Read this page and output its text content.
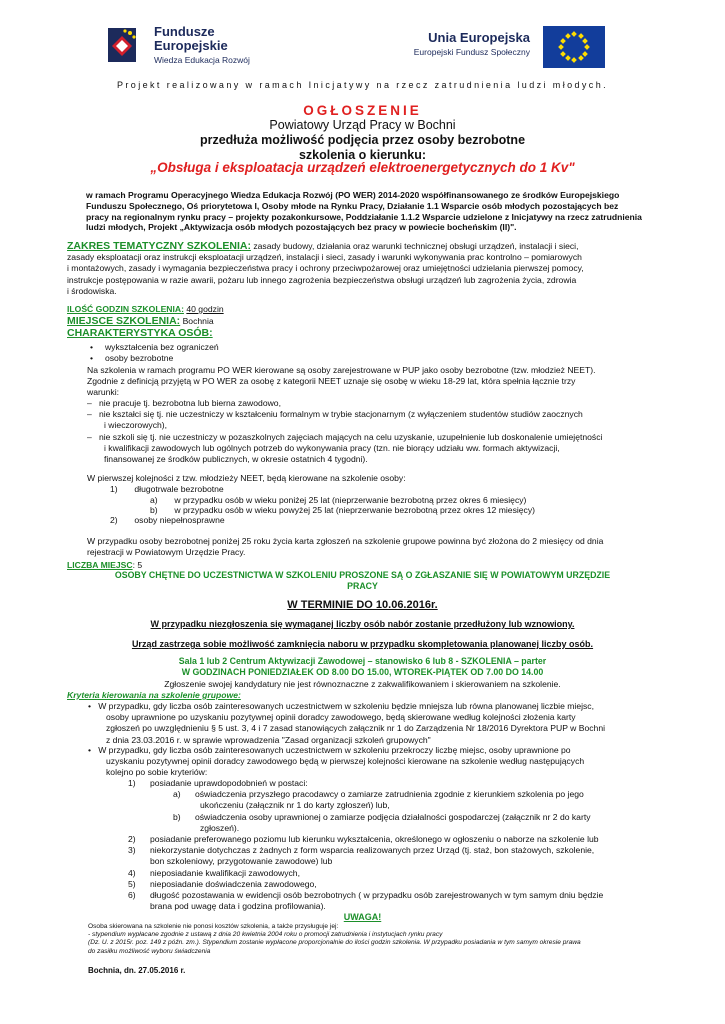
Fundusze
Europejskie
Wiedza Edukacja Rozwój
Unia Europejska
Europejski Fundusz Społeczny
Projekt realizowany w ramach Inicjatywy na rzecz zatrudnienia ludzi młodych.
OGŁOSZENIE
Powiatowy Urząd Pracy w Bochni
przedłuża możliwość podjęcia przez osoby bezrobotne
szkolenia o kierunku:
„Obsługa i eksploatacja urządzeń elektroenergetycznych do 1 Kv"
w ramach Programu Operacyjnego Wiedza Edukacja Rozwój (PO WER) 2014-2020 współfinansowanego ze środków Europejskiego
Funduszu Społecznego, Oś priorytetowa I, Osoby młode na Rynku Pracy, Działanie 1.1 Wsparcie osób młodych pozostających bez
pracy na regionalnym rynku pracy – projekty pozakonkursowe, Poddziałanie 1.1.2 Wsparcie udzielone z Inicjatywy na rzecz zatrudnienia
ludzi młodych, Projekt „Aktywizacja osób młodych pozostających bez pracy w powiecie bocheńskim (II)".
ZAKRES TEMATYCZNY SZKOLENIA: zasady budowy, działania oraz warunki technicznej obsługi urządzeń, instalacji i sieci,
zasady eksploatacji oraz instrukcji eksploatacji urządzeń, instalacji i sieci, zasady i warunki wykonywania prac kontrolno – pomiarowych
i montażowych, zasady i wymagania bezpieczeństwa pracy i ochrony przeciwpożarowej oraz umiejętności udzielania pierwszej pomocy,
instrukcje postępowania w razie awarii, pożaru lub innego zagrożenia bezpieczeństwa obsługi urządzeń lub zagrożenia życia, zdrowia
i środowiska.
ILOŚĆ GODZIN SZKOLENIA: 40 godzin
MIEJSCE SZKOLENIA: Bochnia
CHARAKTERYSTYKA OSÓB:
• wykształcenia bez ograniczeń
• osoby bezrobotne
Na szkolenia w ramach programu PO WER kierowane są osoby zarejestrowane w PUP jako osoby bezrobotne (tzw. młodzież NEET).
Zgodnie z definicją przyjętą w PO WER za osobę z kategorii NEET uznaje się osobę w wieku 18-29 lat, która spełnia łącznie trzy
warunki:
– nie pracuje tj. bezrobotna lub bierna zawodowo,
– nie kształci się tj. nie uczestniczy w kształceniu formalnym w trybie stacjonarnym (z wyłączeniem studentów studiów zaocznych
i wieczorowych),
– nie szkoli się tj. nie uczestniczy w pozaszkolnych zajęciach mających na celu uzyskanie, uzupełnienie lub doskonalenie umiejętności
i kwalifikacji zawodowych lub ogólnych potrzeb do wykonywania pracy (tzn. nie biorący udziału ww. formach aktywizacji,
finansowanej ze środków publicznych, w okresie ostatnich 4 tygodni).
W pierwszej kolejności z tzw. młodzieży NEET, będą kierowane na szkolenie osoby:
1) długotrwale bezrobotne
a) w przypadku osób w wieku poniżej 25 lat (nieprzerwanie bezrobotną przez okres 6 miesięcy)
b) w przypadku osób w wieku powyżej 25 lat (nieprzerwanie bezrobotną przez okres 12 miesięcy)
2) osoby niepełnosprawne
W przypadku osoby bezrobotnej poniżej 25 roku życia karta zgłoszeń na szkolenie grupowe powinna być złożona do 2 miesięcy od dnia
rejestracji w Powiatowym Urzędzie Pracy.
LICZBA MIEJSC: 5
OSOBY CHĘTNE DO UCZESTNICTWA W SZKOLENIU PROSZONE SĄ O ZGŁASZANIE SIĘ W POWIATOWYM URZĘDZIE
PRACY
W TERMINIE DO 10.06.2016r.
W przypadku niezgłoszenia się wymaganej liczby osób nabór zostanie przedłużony lub wznowiony.
Urząd zastrzega sobie możliwość zamknięcia naboru w przypadku skompletowania planowanej liczby osób.
Sala 1 lub 2 Centrum Aktywizacji Zawodowej – stanowisko 6 lub 8 - SZKOLENIA – parter
W GODZINACH PONIEDZIAŁEK OD 8.00 DO 15.00, WTOREK-PIĄTEK OD 7.00 DO 14.00
Zgłoszenie swojej kandydatury nie jest równoznaczne z zakwalifikowaniem i skierowaniem na szkolenie.
Kryteria kierowania na szkolenie grupowe:
• W przypadku, gdy liczba osób zainteresowanych uczestnictwem w szkoleniu będzie mniejsza lub równa planowanej liczbie miejsc,
osoby uprawnione po uzyskaniu pozytywnej opinii doradcy zawodowego, będą skierowane według kolejności złożenia karty
zgłoszeń po uwzględnieniu § 5 ust. 3, 4 i 7 zasad stanowiących załącznik nr 1 do Zarządzenia Nr 18/2016 Dyrektora PUP w Bochni
z dnia 23.03.2016 r. w sprawie wprowadzenia "Zasad organizacji szkoleń grupowych"
• W przypadku, gdy liczba osób zainteresowanych uczestnictwem w szkoleniu przekroczy liczbę miejsc, osoby uprawnione po
uzyskaniu pozytywnej opinii doradcy zawodowego będą w pierwszej kolejności kierowane na szkolenie według następujących
kolejno po sobie kryteriów:
1) posiadanie uprawdopodobnień w postaci:
a) oświadczenia przyszłego pracodawcy o zamiarze zatrudnienia zgodnie z kierunkiem szkolenia po jego
ukończeniu (załącznik nr 1 do karty zgłoszeń) lub,
b) oświadczenia osoby uprawnionej o zamiarze podjęcia działalności gospodarczej (załącznik nr 2 do karty
zgłoszeń).
2) posiadanie preferowanego poziomu lub kierunku wykształcenia, określonego w ogłoszeniu o naborze na szkolenie lub
3) niekorzystanie dotychczas z żadnych z form wsparcia realizowanych przez Urząd (tj. staż, bon stażowych, szkolenie,
bon szkoleniowy, przygotowanie zawodowe) lub
4) nieposiadanie kwalifikacji zawodowych,
5) nieposiadanie doświadczenia zawodowego,
6) długość pozostawania w ewidencji osób bezrobotnych ( w przypadku osób zarejestrowanych w tym samym dniu będzie
brana pod uwagę data i godzina profilowania).
UWAGA!
Osoba skierowana na szkolenie nie ponosi kosztów szkolenia, a także przysługuje jej:
- stypendium wypłacane zgodnie z ustawą z dnia 20 kwietnia 2004 roku o promocji zatrudnienia i instytucjach rynku pracy
(Dz. U. z 2015r. poz. 149 z późn. zm.). Stypendium zostanie wypłacone proporcjonalnie do ilości godzin szkolenia. W przypadku posiadania w tym samym okresie prawa
do zasiłku możliwość wyboru świadczenia
Bochnia, dn. 27.05.2016 r.
